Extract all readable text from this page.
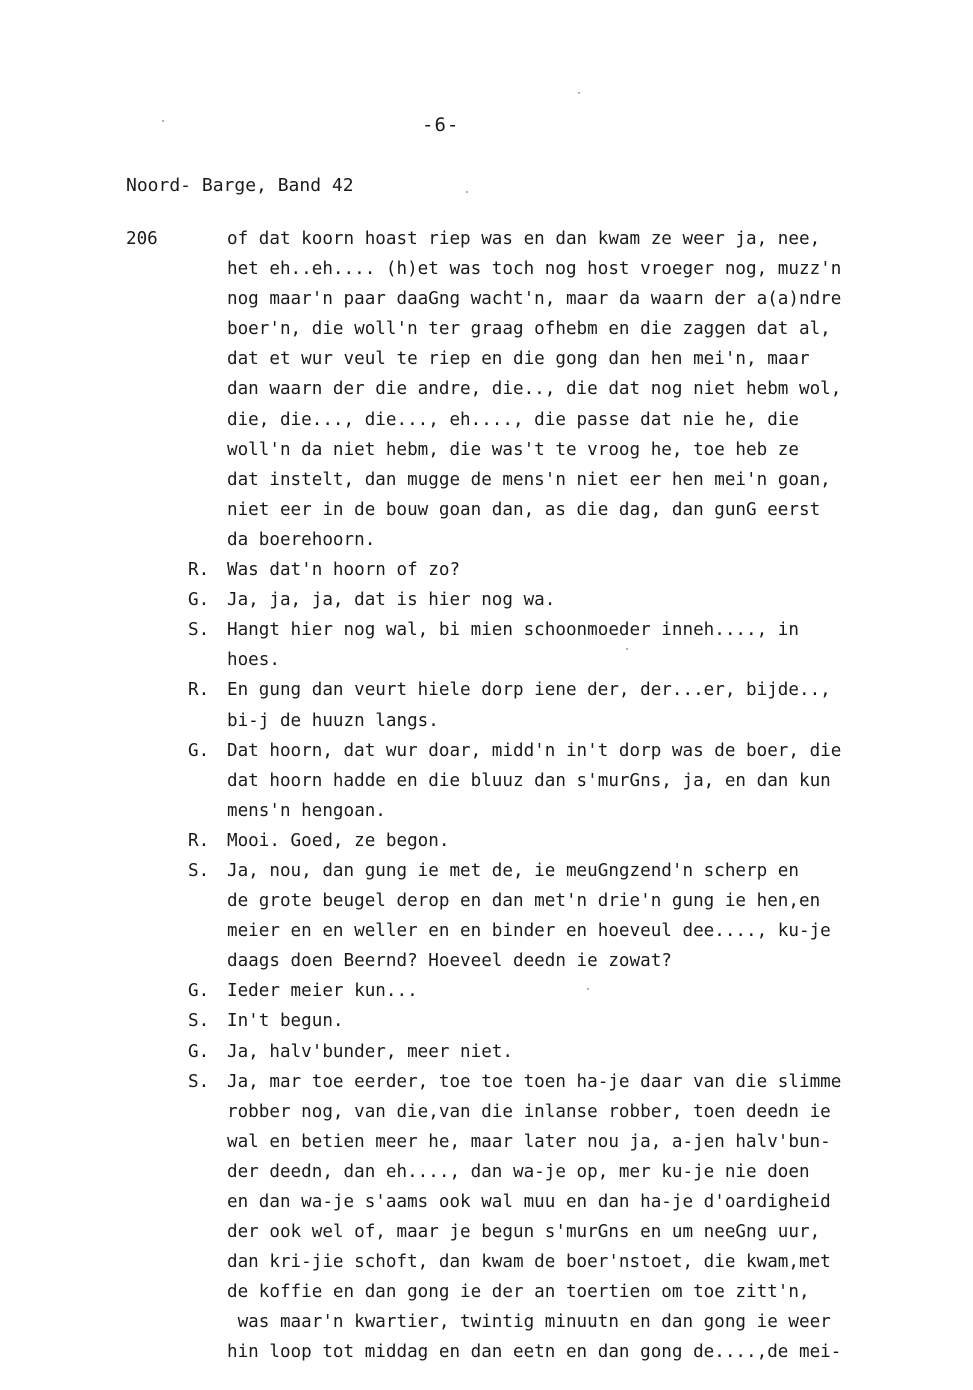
-6-
Noord- Barge, Band 42
206	of dat koorn hoast riep was en dan kwam ze weer ja, nee,
het eh..eh.... (h)et was toch nog host vroeger nog, muzz'n
nog maar'n paar daaGng wacht'n, maar da waarn der a(a)ndre
boer'n, die woll'n ter graag ofhebm en die zaggen dat al,
dat et wur veul te riep en die gong dan hen mei'n, maar
dan waarn der die andre, die.., die dat nog niet hebm wol,
die, die..., die..., eh...., die passe dat nie he, die
woll'n da niet hebm, die was't te vroog he, toe heb ze
dat instelt, dan mugge de mens'n niet eer hen mei'n goan,
niet eer in de bouw goan dan, as die dag, dan gunG eerst
da boerehoorn.
R. Was dat'n hoorn of zo?
G. Ja, ja, ja, dat is hier nog wa.
S. Hangt hier nog wal, bi mien schoonmoeder inneh...., in
hoes.
R. En gung dan veurt hiele dorp iene der, der...er, bijde..,
bi-j de huuzn langs.
G. Dat hoorn, dat wur doar, midd'n in't dorp was de boer, die
dat hoorn hadde en die bluuz dan s'murGns, ja, en dan kun
mens'n hengoan.
R. Mooi. Goed, ze begon.
S. Ja, nou, dan gung ie met de, ie meuGngzend'n scherp en
de grote beugel derop en dan met'n drie'n gung ie hen,en
meier en en weller en en binder en hoeveul dee...., ku-je
daags doen Beernd? Hoeveel deedn ie zowat?
G. Ieder meier kun...
S. In't begun.
G. Ja, halv'bunder, meer niet.
S. Ja, mar toe eerder, toe toe toen ha-je daar van die slimme
robber nog, van die,van die inlanse robber, toen deedn ie
wal en betien meer he, maar later nou ja, a-jen halv'bun-
der deedn, dan eh...., dan wa-je op, mer ku-je nie doen
en dan wa-je s'aams ook wal muu en dan ha-je d'oardigheid
der ook wel of, maar je begun s'murGns en um neeGng uur,
dan kri-jie schoft, dan kwam de boer'nstoet, die kwam,met
de koffie en dan gong ie der an toertien om toe zitt'n,
was maar'n kwartier, twintig minuutn en dan gong ie weer
hin loop tot middag en dan eetn en dan gong de....,de mei-
